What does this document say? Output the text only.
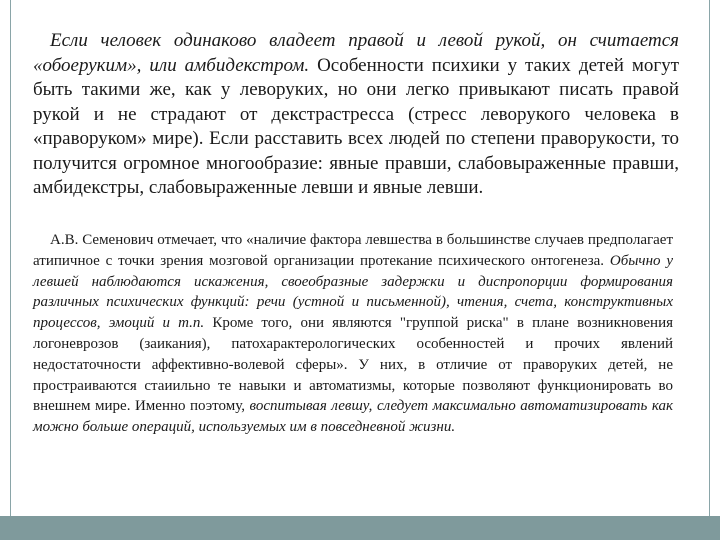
Если человек одинаково владеет правой и левой рукой, он считается «обоеруким», или амбидекстром. Особенности психики у таких детей могут быть такими же, как у леворуких, но они легко привыкают писать правой рукой и не страдают от декстрастресса (стресс леворукого человека в «праворуком» мире). Если расставить всех людей по степени праворукости, то получится огромное многообразие: явные правши, слабовыраженные правши, амбидекстры, слабовыраженные левши и явные левши.

А.В. Семенович отмечает, что «наличие фактора левшества в большинстве случаев предполагает атипичное с точки зрения мозговой организации протекание психического онтогенеза. Обычно у левшей наблюдаются искажения, своеобразные задержки и диспропорции формирования различных психических функций: речи (устной и письменной), чтения, счета, конструктивных процессов, эмоций и т.п. Кроме того, они являются "группой риска" в плане возникновения логоневрозов (заикания), патохарактерологических особенностей и прочих явлений недостаточности аффективно-волевой сферы». У них, в отличие от праворуких детей, не простраиваются стаиильно те навыки и автоматизмы, которые позволяют функционировать во внешнем мире. Именно поэтому, воспитывая левшу, следует максимально автоматизировать как можно больше операций, используемых им в повседневной жизни.
